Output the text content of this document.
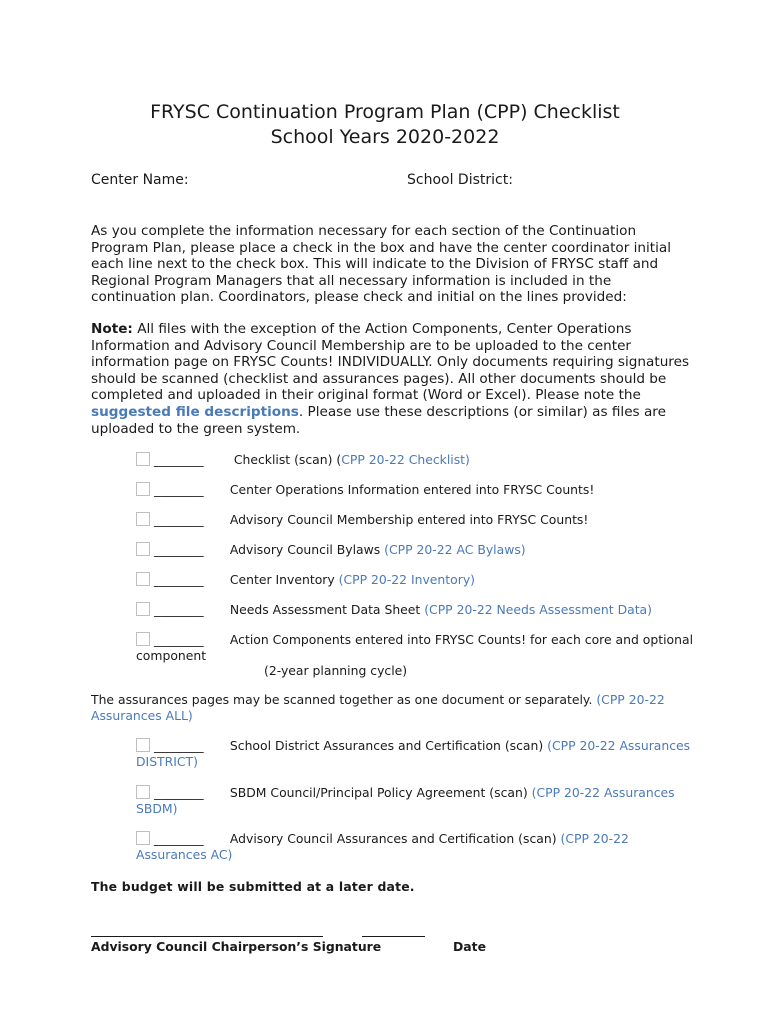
FRYSC Continuation Program Plan (CPP) Checklist
School Years 2020-2022
Center Name:	School District:
As you complete the information necessary for each section of the Continuation Program Plan, please place a check in the box and have the center coordinator initial each line next to the check box. This will indicate to the Division of FRYSC staff and Regional Program Managers that all necessary information is included in the continuation plan. Coordinators, please check and initial on the lines provided:
Note: All files with the exception of the Action Components, Center Operations Information and Advisory Council Membership are to be uploaded to the center information page on FRYSC Counts! INDIVIDUALLY. Only documents requiring signatures should be scanned (checklist and assurances pages). All other documents should be completed and uploaded in their original format (Word or Excel). Please note the suggested file descriptions. Please use these descriptions (or similar) as files are uploaded to the green system.
________ Checklist (scan) (CPP 20-22 Checklist)
________ Center Operations Information entered into FRYSC Counts!
________ Advisory Council Membership entered into FRYSC Counts!
________ Advisory Council Bylaws (CPP 20-22 AC Bylaws)
________ Center Inventory (CPP 20-22 Inventory)
________ Needs Assessment Data Sheet (CPP 20-22 Needs Assessment Data)
________ Action Components entered into FRYSC Counts! for each core and optional component
(2-year planning cycle)
The assurances pages may be scanned together as one document or separately. (CPP 20-22 Assurances ALL)
________ School District Assurances and Certification (scan) (CPP 20-22 Assurances DISTRICT)
________ SBDM Council/Principal Policy Agreement (scan) (CPP 20-22 Assurances SBDM)
________ Advisory Council Assurances and Certification (scan) (CPP 20-22 Assurances AC)
The budget will be submitted at a later date.
Advisory Council Chairperson’s Signature	Date
